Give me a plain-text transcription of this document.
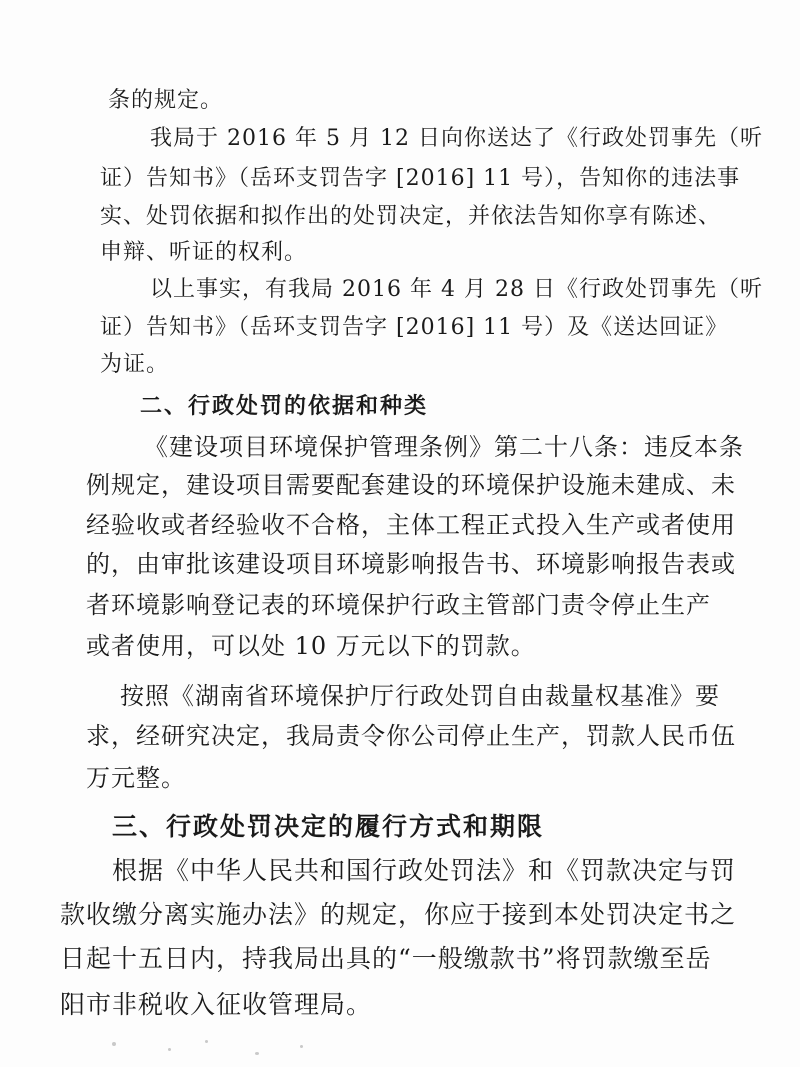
条的规定。
我局于 2016 年 5 月 12 日向你送达了《行政处罚事先（听
证）告知书》（岳环支罚告字 [2016] 11 号），告知你的违法事
实、处罚依据和拟作出的处罚决定，并依法告知你享有陈述、
申辩、听证的权利。
以上事实，有我局 2016 年 4 月 28 日《行政处罚事先（听
证）告知书》（岳环支罚告字 [2016] 11 号）及《送达回证》
为证。
二、行政处罚的依据和种类
《建设项目环境保护管理条例》第二十八条：违反本条
例规定，建设项目需要配套建设的环境保护设施未建成、未
经验收或者经验收不合格，主体工程正式投入生产或者使用
的，由审批该建设项目环境影响报告书、环境影响报告表或
者环境影响登记表的环境保护行政主管部门责令停止生产
或者使用，可以处 10 万元以下的罚款。
按照《湖南省环境保护厅行政处罚自由裁量权基准》要
求，经研究决定，我局责令你公司停止生产，罚款人民币伍
万元整。
三、行政处罚决定的履行方式和期限
根据《中华人民共和国行政处罚法》和《罚款决定与罚
款收缴分离实施办法》的规定，你应于接到本处罚决定书之
日起十五日内，持我局出具的“一般缴款书”将罚款缴至岳
阳市非税收入征收管理局。
